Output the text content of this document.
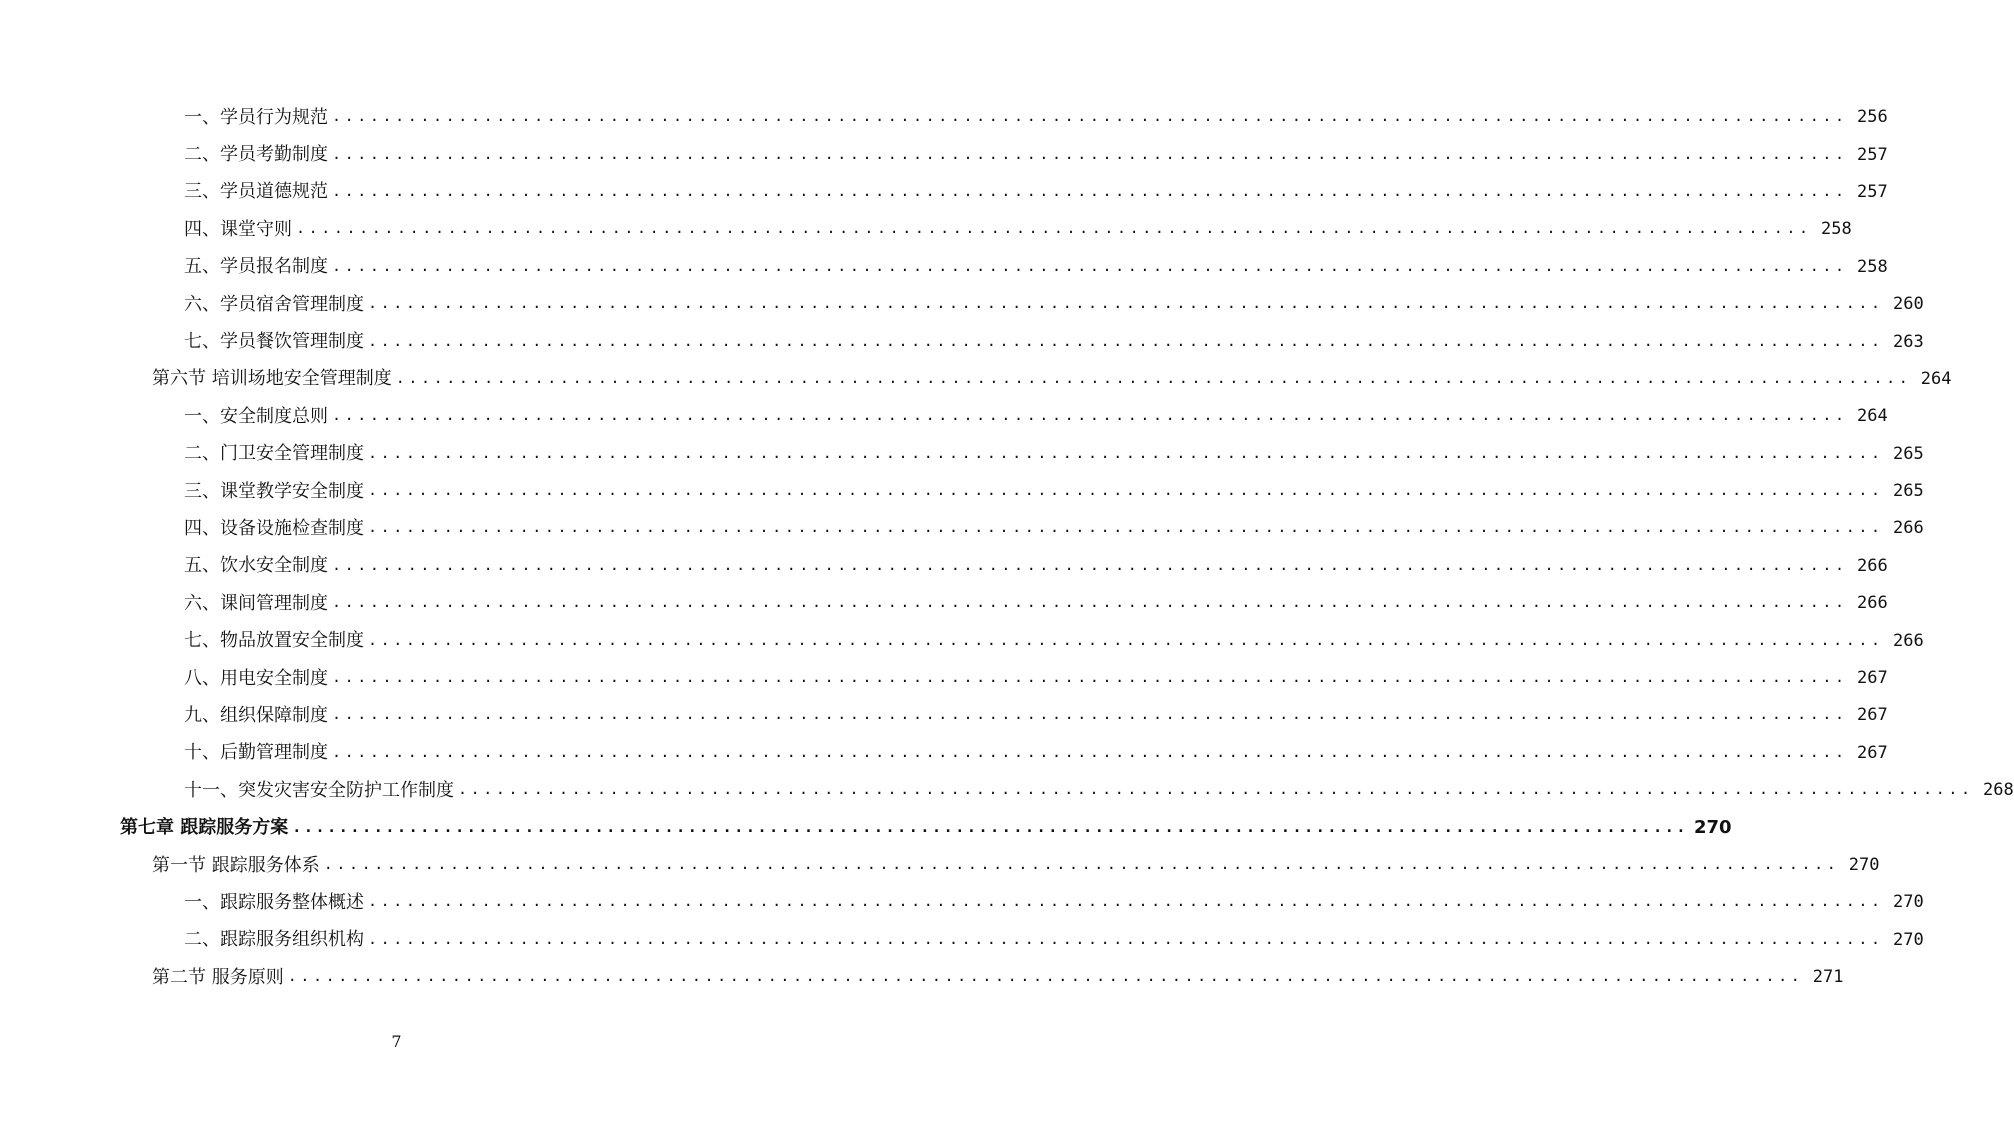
一、学员行为规范 ........................................................................................................................ 256
二、学员考勤制度 ........................................................................................................................ 257
三、学员道德规范 ........................................................................................................................ 257
四、课堂守则 ........................................................................................................................ 258
五、学员报名制度 ........................................................................................................................ 258
六、学员宿舍管理制度 ........................................................................................................................ 260
七、学员餐饮管理制度 ........................................................................................................................ 263
第六节 培训场地安全管理制度 ........................................................................................................................ 264
一、安全制度总则 ........................................................................................................................ 264
二、门卫安全管理制度 ........................................................................................................................ 265
三、课堂教学安全制度 ........................................................................................................................ 265
四、设备设施检查制度 ........................................................................................................................ 266
五、饮水安全制度 ........................................................................................................................ 266
六、课间管理制度 ........................................................................................................................ 266
七、物品放置安全制度 ........................................................................................................................ 266
八、用电安全制度 ........................................................................................................................ 267
九、组织保障制度 ........................................................................................................................ 267
十、后勤管理制度 ........................................................................................................................ 267
十一、突发灾害安全防护工作制度 ........................................................................................................................ 268
第七章 跟踪服务方案 ........................................................................................................................ 270
第一节 跟踪服务体系 ........................................................................................................................ 270
一、跟踪服务整体概述 ........................................................................................................................ 270
二、跟踪服务组织机构 ........................................................................................................................ 270
第二节 服务原则 ........................................................................................................................ 271
7
